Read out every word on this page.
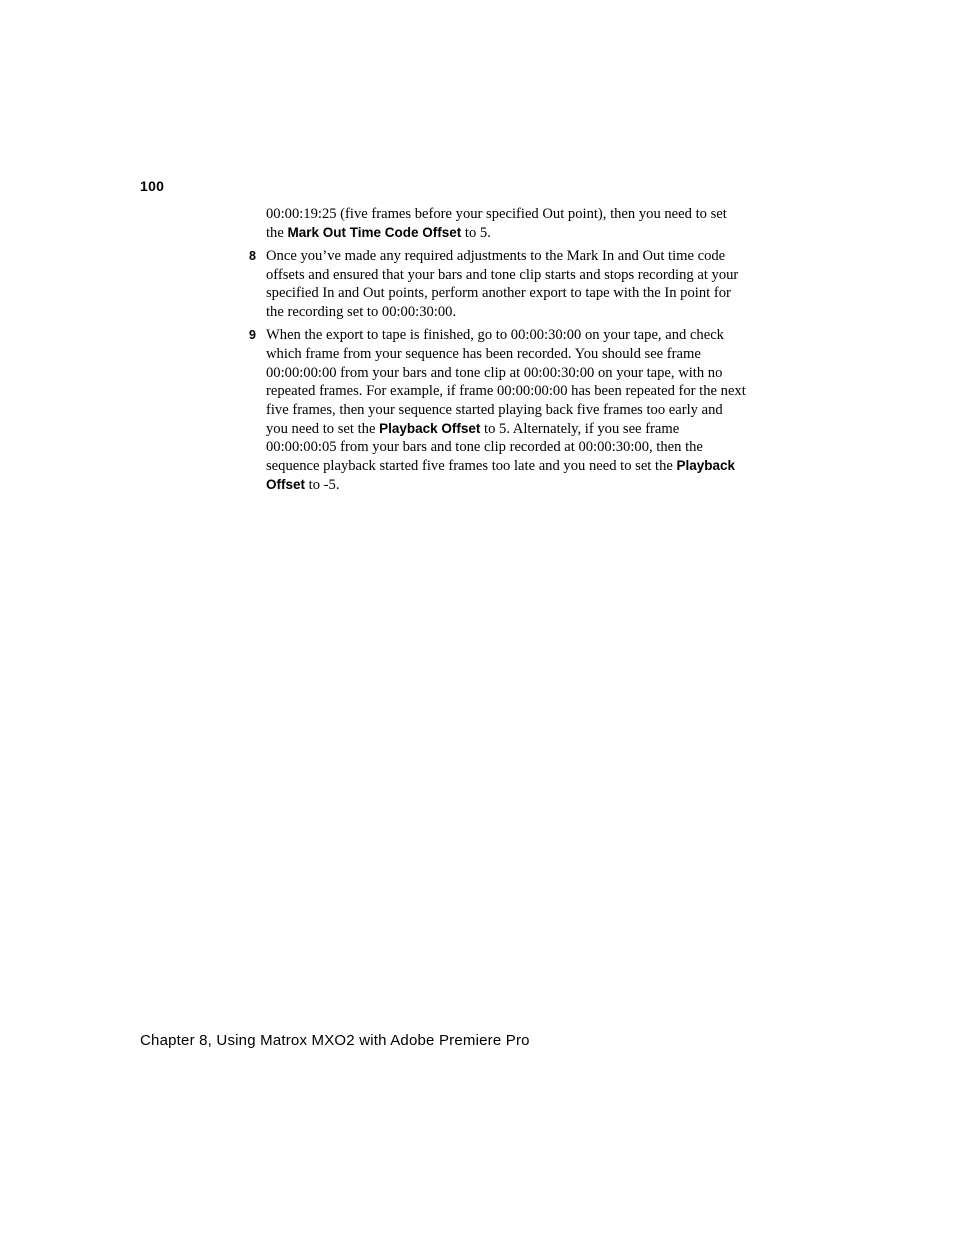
100

00:00:19:25 (five frames before your specified Out point), then you need to set the Mark Out Time Code Offset to 5.

8 Once you’ve made any required adjustments to the Mark In and Out time code offsets and ensured that your bars and tone clip starts and stops recording at your specified In and Out points, perform another export to tape with the In point for the recording set to 00:00:30:00.

9 When the export to tape is finished, go to 00:00:30:00 on your tape, and check which frame from your sequence has been recorded. You should see frame 00:00:00:00 from your bars and tone clip at 00:00:30:00 on your tape, with no repeated frames. For example, if frame 00:00:00:00 has been repeated for the next five frames, then your sequence started playing back five frames too early and you need to set the Playback Offset to 5. Alternately, if you see frame 00:00:00:05 from your bars and tone clip recorded at 00:00:30:00, then the sequence playback started five frames too late and you need to set the Playback Offset to -5.

Chapter 8, Using Matrox MXO2 with Adobe Premiere Pro
